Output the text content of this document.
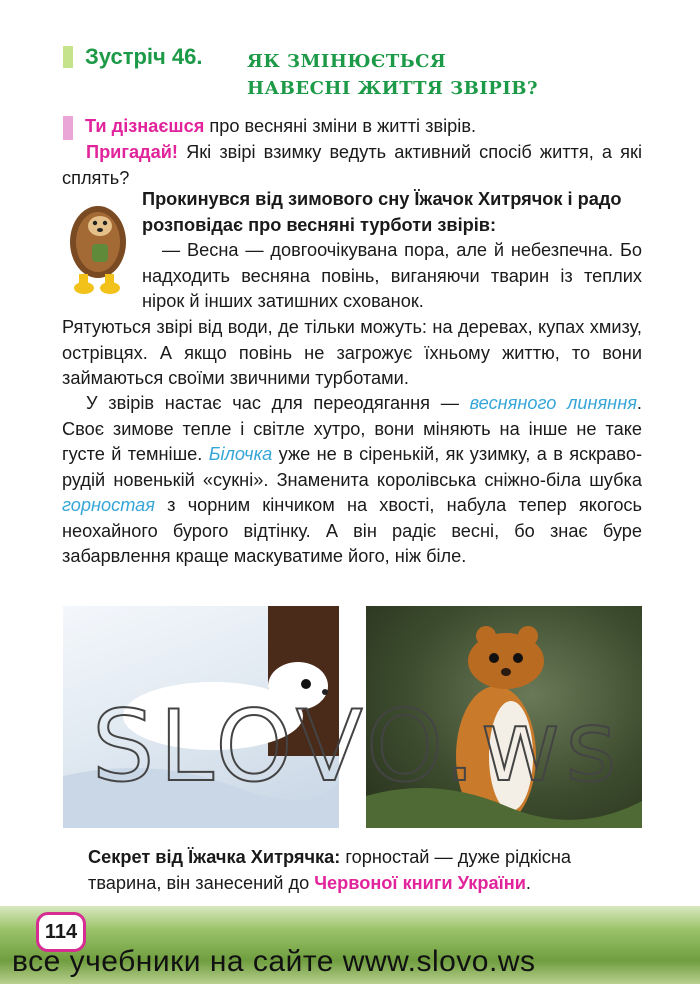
Зустріч 46. ЯК ЗМІНЮЄТЬСЯ
НАВЕСНІ ЖИТТЯ ЗВІРІВ?
Ти дізнаєшся про весняні зміни в житті звірів.
Пригадай! Які звірі взимку ведуть активний спосіб життя, а які сплять?
Прокинувся від зимового сну Їжачок Хитрячок і радо розповідає про весняні турботи звірів:
— Весна — довгоочікувана пора, але й небезпечна. Бо надходить весняна повінь, виганяючи тварин із теплих нірок й інших затишних схованок.
Рятуються звірі від води, де тільки можуть: на деревах, купах хмизу, острівцях. А якщо повінь не загрожує їхньому життю, то вони займаються своїми звичними турботами.
У звірів настає час для переодягання — весняного линяння. Своє зимове тепле і світле хутро, вони міняють на інше не таке густе й темніше. Білочка уже не в сіренькій, як узимку, а в яскраво-рудій новенькій «сукні». Знаменита королівська сніжно-біла шубка горностая з чорним кінчиком на хвості, набула тепер якогось неохайного бурого відтінку. А він радіє весні, бо знає буре забарвлення краще маскуватиме його, ніж біле.
SLOVO.ws
Секрет від Їжачка Хитрячка: горностай — дуже рідкісна тварина, він занесений до Червоної книги України.
114
все учебники на сайте www.slovo.ws
